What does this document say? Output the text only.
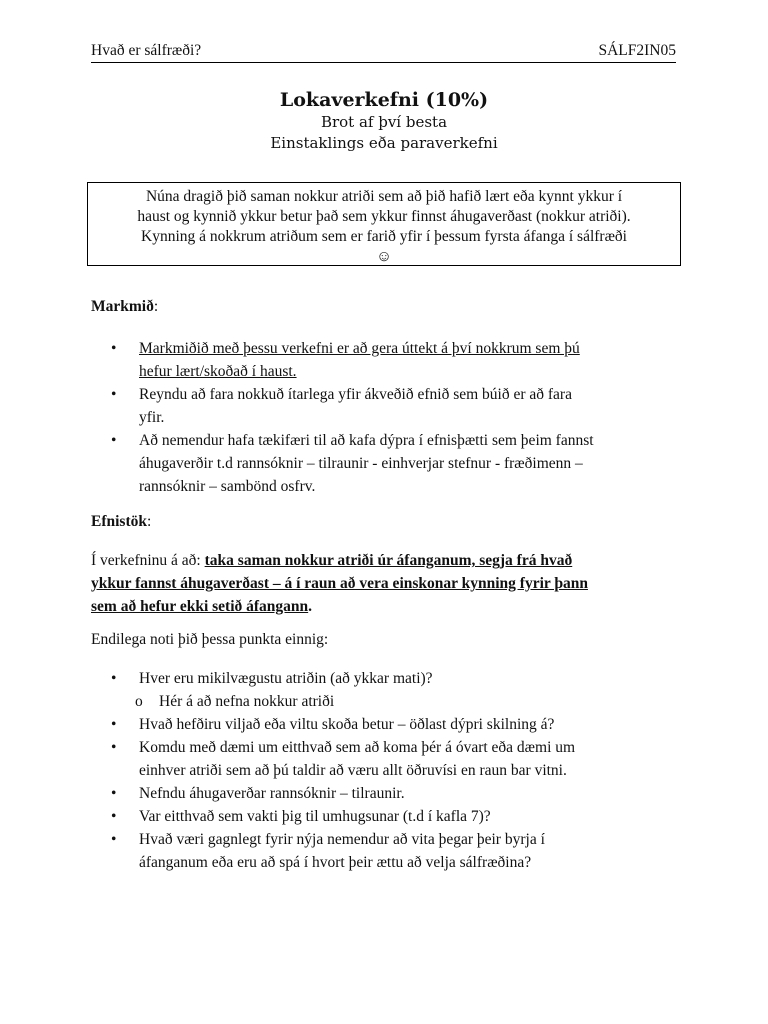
Hvað er sálfræði?	SÁLF2IN05
Lokaverkefni (10%)
Brot af því besta
Einstaklings eða paraverkefni
Núna dragið þið saman nokkur atriði sem að þið hafið lært eða kynnt ykkur í
haust og kynnið ykkur betur það sem ykkur finnst áhugaverðast (nokkur atriði).
Kynning á nokkrum atriðum sem er farið yfir í þessum fyrsta áfanga í sálfræði
☺
Markmið:
• Markmiðið með þessu verkefni er að gera úttekt á því nokkrum sem þú
hefur lært/skoðað í haust.
• Reyndu að fara nokkuð ítarlega yfir ákveðið efnið sem búið er að fara
yfir.
• Að nemendur hafa tækifæri til að kafa dýpra í efnisþætti sem þeim fannst
áhugaverðir t.d rannsóknir – tilraunir - einhverjar stefnur - fræðimenn –
rannsóknir – sambönd osfrv.
Efnistök:
Í verkefninu á að: taka saman nokkur atriði úr áfanganum, segja frá hvað
ykkur fannst áhugaverðast – á í raun að vera einskonar kynning fyrir þann
sem að hefur ekki setið áfangann.
Endilega noti þið þessa punkta einnig:
• Hver eru mikilvægustu atriðin (að ykkar mati)?
o Hér á að nefna nokkur atriði
• Hvað hefðiru viljað eða viltu skoða betur – öðlast dýpri skilning á?
• Komdu með dæmi um eitthvað sem að koma þér á óvart eða dæmi um
einhver atriði sem að þú taldir að væru allt öðruvísi en raun bar vitni.
• Nefndu áhugaverðar rannsóknir – tilraunir.
• Var eitthvað sem vakti þig til umhugsunar (t.d í kafla 7)?
• Hvað væri gagnlegt fyrir nýja nemendur að vita þegar þeir byrja í
áfanganum eða eru að spá í hvort þeir ættu að velja sálfræðina?
